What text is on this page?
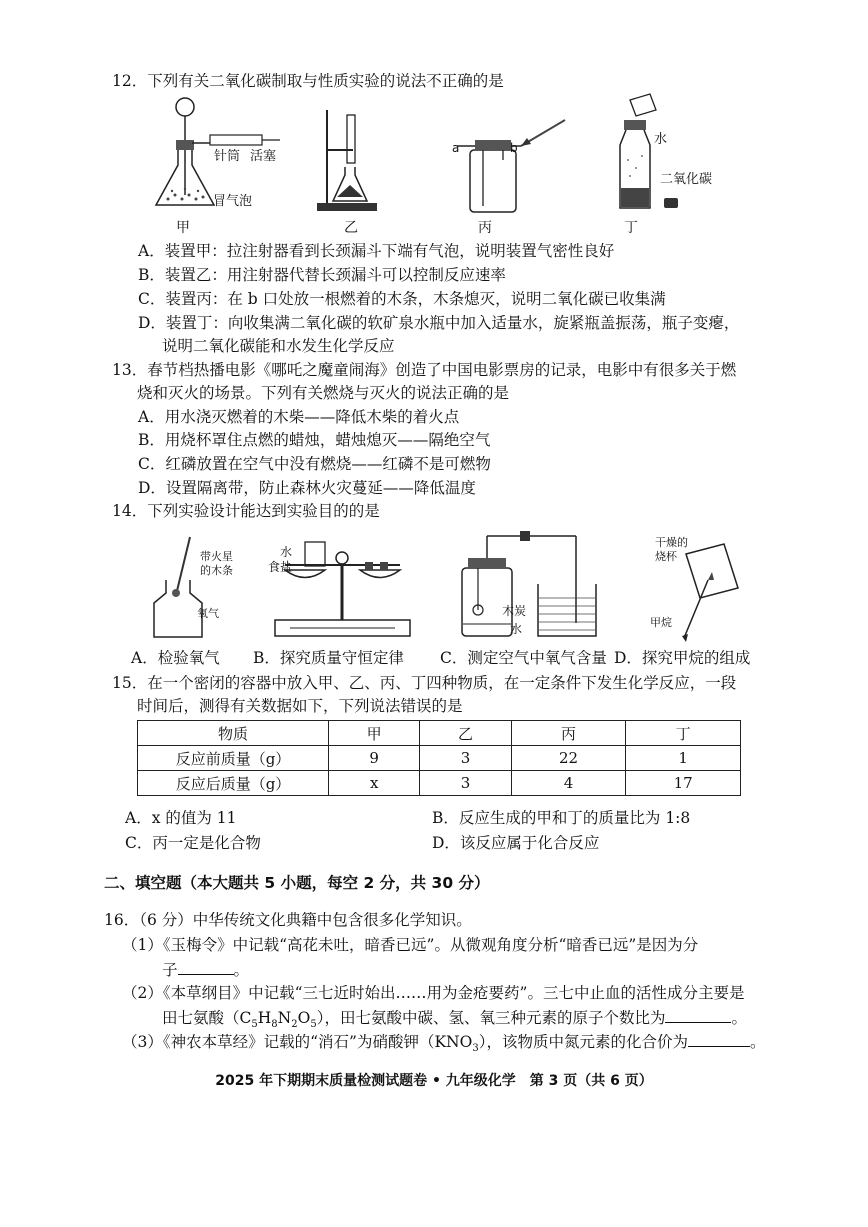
12．下列有关二氧化碳制取与性质实验的说法不正确的是
针筒 活塞
冒气泡
甲	乙
a	b
丙
水
二氧化碳
丁
A．装置甲：拉注射器看到长颈漏斗下端有气泡，说明装置气密性良好
B．装置乙：用注射器代替长颈漏斗可以控制反应速率
C．装置丙：在 b 口处放一根燃着的木条，木条熄灭，说明二氧化碳已收集满
D．装置丁：向收集满二氧化碳的软矿泉水瓶中加入适量水，旋紧瓶盖振荡，瓶子变瘪，
说明二氧化碳能和水发生化学反应
13．春节档热播电影《哪吒之魔童闹海》创造了中国电影票房的记录，电影中有很多关于燃
烧和灭火的场景。下列有关燃烧与灭火的说法正确的是
A．用水浇灭燃着的木柴——降低木柴的着火点
B．用烧杯罩住点燃的蜡烛，蜡烛熄灭——隔绝空气
C．红磷放置在空气中没有燃烧——红磷不是可燃物
D．设置隔离带，防止森林火灾蔓延——降低温度
14．下列实验设计能达到实验目的的是
带火星
的木条
氧气
水
食盐
木炭
水
干燥的
烧杯
甲烷
A．检验氧气 B．探究质量守恒定律 C．测定空气中氧气含量 D．探究甲烷的组成
15．在一个密闭的容器中放入甲、乙、丙、丁四种物质，在一定条件下发生化学反应，一段
时间后，测得有关数据如下，下列说法错误的是
物质	甲	乙	丙	丁
反应前质量（g）	9	3	22	1
反应后质量（g）	x	3	4	17
A．x 的值为 11	B．反应生成的甲和丁的质量比为 1:8
C．丙一定是化合物	D．该反应属于化合反应
二、填空题（本大题共 5 小题，每空 2 分，共 30 分）
16．（6 分）中华传统文化典籍中包含很多化学知识。
（1）《玉梅令》中记载“高花未吐，暗香已远”。从微观角度分析“暗香已远”是因为分
子	。
（2）《本草纲目》中记载“三七近时始出……用为金疮要药”。三七中止血的活性成分主要是
田七氨酸$(C_5H_8N_2O_5)$，田七氨酸中碳、氢、氧三种元素的原子个数比为	。
（3）《神农本草经》记载的“消石”为硝酸钾$(KNO_3)$，该物质中氮元素的化合价为	。
2025 年下期期末质量检测试题卷 • 九年级化学　第 3 页（共 6 页）
